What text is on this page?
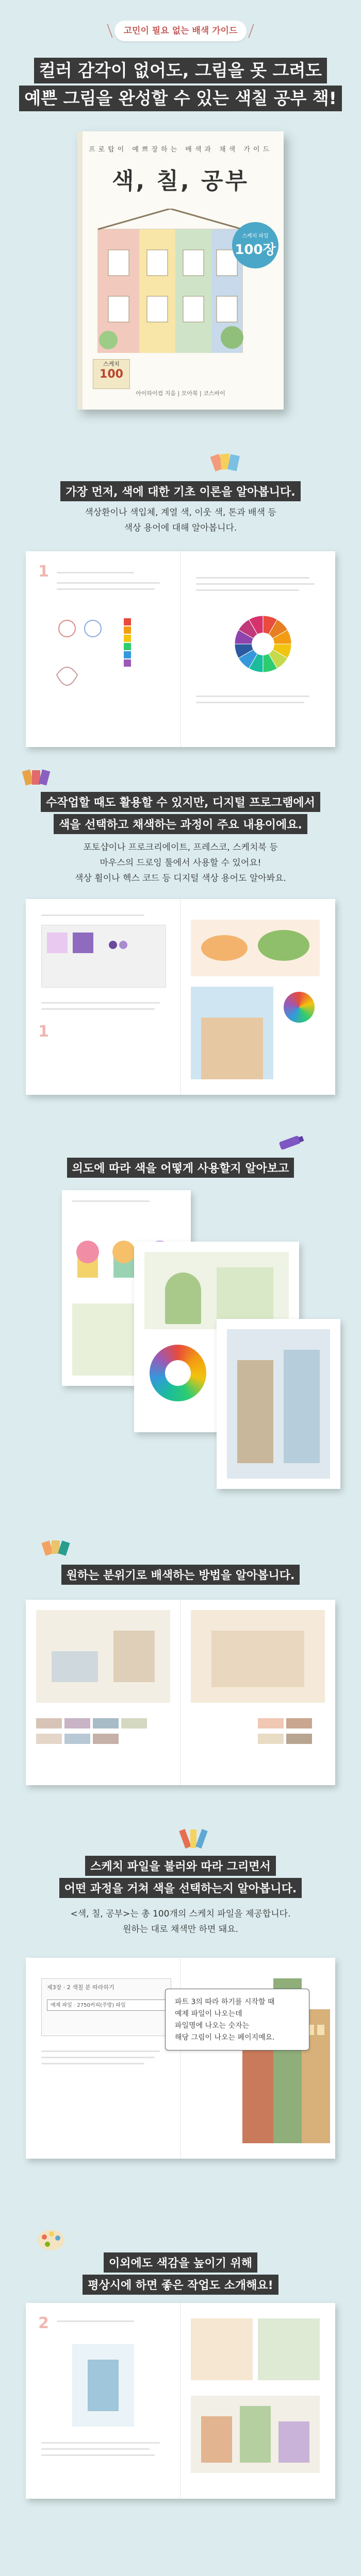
고민이 필요 없는 배색 가이드
컬러 감각이 없어도, 그림을 못 그려도
예쁜 그림을 완성할 수 있는 색칠 공부 책!
프로탑이 예쁘장하는 배색과 채색 가이드
색, 칠, 공부
스케치 파일
100장
스케치
100
아이하이컴 지음 | 모아북 | 코스바이
가장 먼저, 색에 대한 기초 이론을 알아봅니다.
색상환이나 색입체, 계열 색, 이웃 색, 톤과 배색 등
색상 용어에 대해 알아봅니다.
1
수작업할 때도 활용할 수 있지만, 디지털 프로그램에서
색을 선택하고 채색하는 과정이 주요 내용이에요.
포토샵이나 프로크리에이트, 프레스코, 스케치북 등
마우스의 드로잉 툴에서 사용할 수 있어요!
색상 휠이나 헥스 코드 등 디지털 색상 용어도 알아봐요.
1
의도에 따라 색을 어떻게 사용할지 알아보고
원하는 분위기로 배색하는 방법을 알아봅니다.
스케치 파일을 불러와 따라 그리면서
어떤 과정을 거쳐 색을 선택하는지 알아봅니다.
<색, 칠, 공부>는 총 100개의 스케치 파일을 제공합니다.
원하는 대로 채색만 하면 돼요.
제3장 · 2 색칠 분 따라하기
예제 파일 · 2750커피(주방) 파일	파트 3의 따라 하기를 시작할 때
예제 파일이 나오는데
파일명에 나오는 숫자는
해당 그림이 나오는 페이지예요.
이외에도 색감을 높이기 위해
평상시에 하면 좋은 작업도 소개해요!
2
